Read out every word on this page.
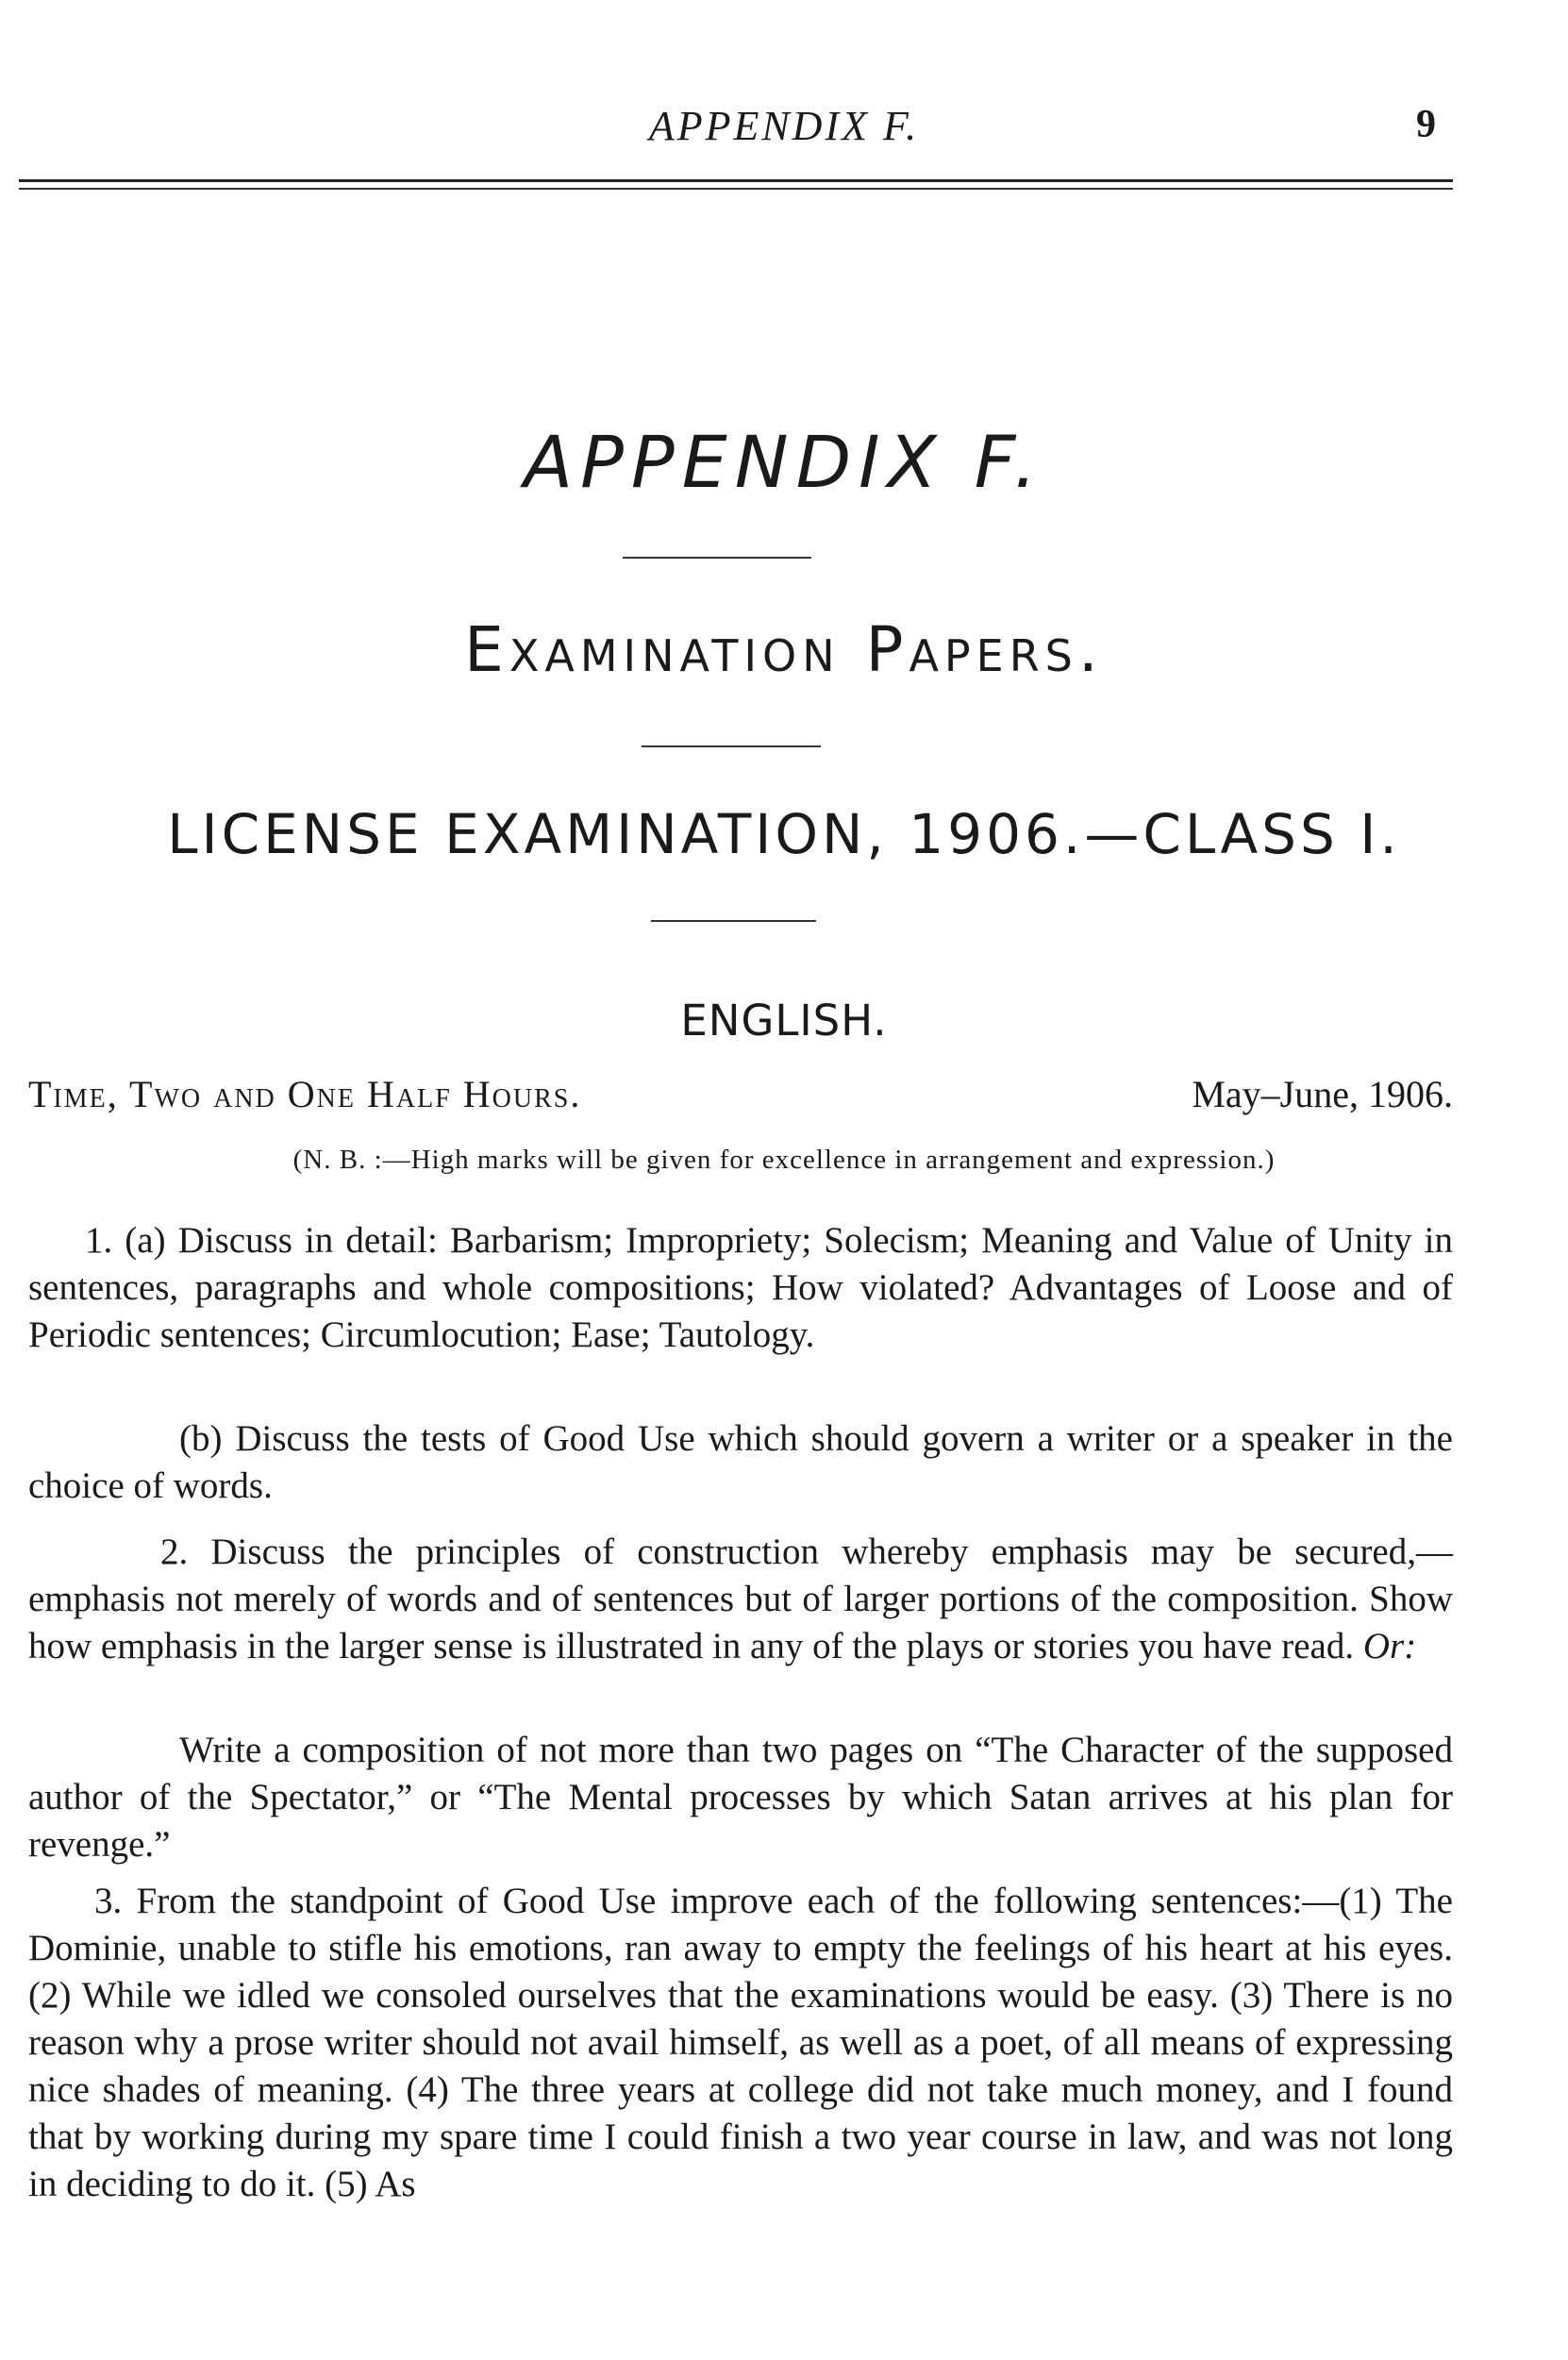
APPENDIX F.	9
APPENDIX F.
Examination Papers.
LICENSE EXAMINATION, 1906.—CLASS I.
ENGLISH.
Time, Two and One Half Hours.	May–June, 1906.
(N. B. :—High marks will be given for excellence in arrangement and expression.)
1. (a) Discuss in detail: Barbarism; Impropriety; Solecism; Meaning and Value of Unity in sentences, paragraphs and whole compositions; How violated? Advantages of Loose and of Periodic sentences; Circumlocution; Ease; Tautology.
(b) Discuss the tests of Good Use which should govern a writer or a speaker in the choice of words.
2. Discuss the principles of construction whereby emphasis may be secured,—emphasis not merely of words and of sentences but of larger portions of the composition. Show how emphasis in the larger sense is illustrated in any of the plays or stories you have read. Or:
Write a composition of not more than two pages on “The Character of the supposed author of the Spectator,” or “The Mental processes by which Satan arrives at his plan for revenge.”
3. From the standpoint of Good Use improve each of the following sentences:—(1) The Dominie, unable to stifle his emotions, ran away to empty the feelings of his heart at his eyes. (2) While we idled we consoled ourselves that the examinations would be easy. (3) There is no reason why a prose writer should not avail himself, as well as a poet, of all means of expressing nice shades of meaning. (4) The three years at college did not take much money, and I found that by working during my spare time I could finish a two year course in law, and was not long in deciding to do it. (5) As
